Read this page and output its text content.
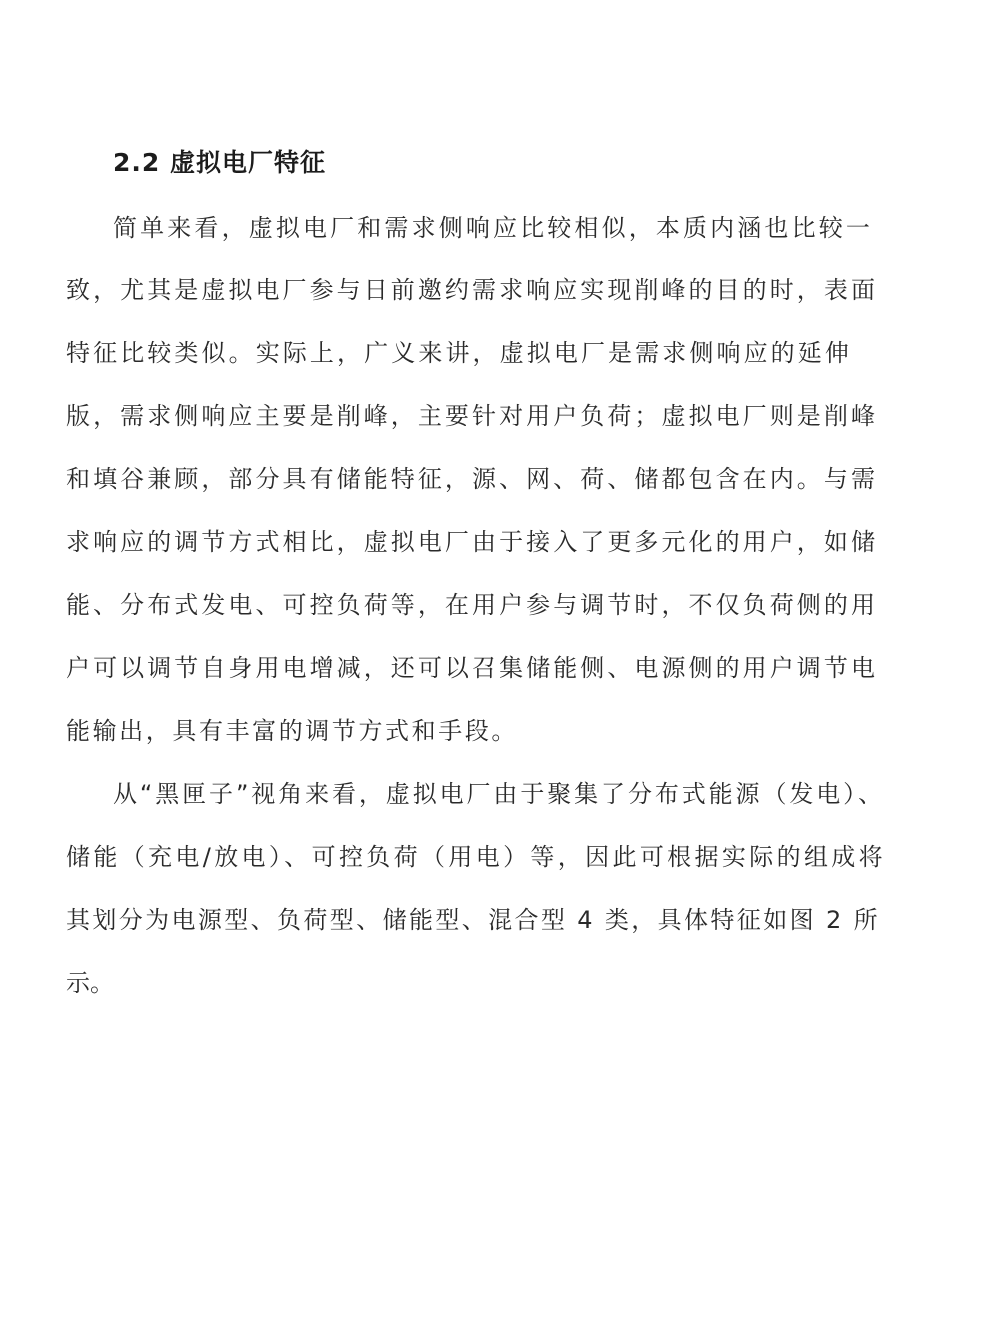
2.2 虚拟电厂特征
简单来看，虚拟电厂和需求侧响应比较相似，本质内涵也比较一
致，尤其是虚拟电厂参与日前邀约需求响应实现削峰的目的时，表面
特征比较类似。实际上，广义来讲，虚拟电厂是需求侧响应的延伸
版，需求侧响应主要是削峰，主要针对用户负荷；虚拟电厂则是削峰
和填谷兼顾，部分具有储能特征，源、网、荷、储都包含在内。与需
求响应的调节方式相比，虚拟电厂由于接入了更多元化的用户，如储
能、分布式发电、可控负荷等，在用户参与调节时，不仅负荷侧的用
户可以调节自身用电增减，还可以召集储能侧、电源侧的用户调节电
能输出，具有丰富的调节方式和手段。
从“黑匣子”视角来看，虚拟电厂由于聚集了分布式能源（发电）、
储能（充电/放电）、可控负荷（用电）等，因此可根据实际的组成将
其划分为电源型、负荷型、储能型、混合型 4 类，具体特征如图 2 所
示。
